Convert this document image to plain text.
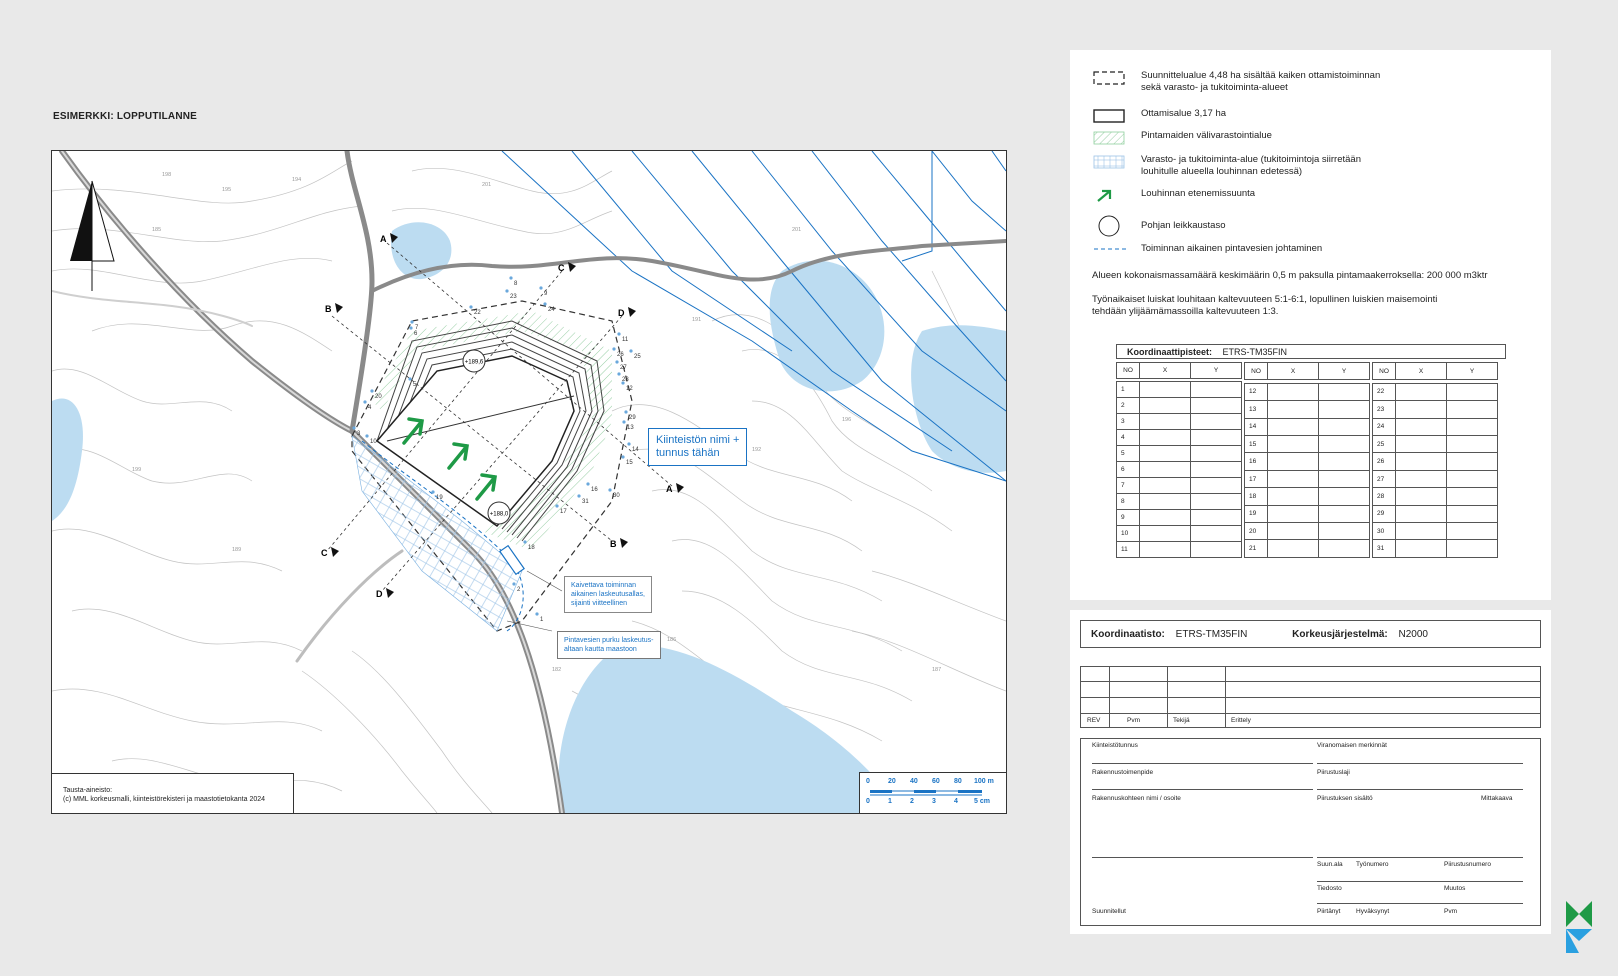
ESIMERKKI: LOPPUTILANNE
+189,6
+188,0
A
A
B
B
C
C
D
D
8
9
23
24
22
7
6
5
20
4
3
10
11
25
26
27
12
28
13
29
14
15
30
16
31
17
18
19
1
2
198
195
194
185
201
191
199
196
182
186
187
189
192
201
Kiinteistön nimi +
tunnus tähän
Kaivettava toiminnan
aikainen laskeutusallas,
sijainti viitteellinen
Pintavesien purku laskeutus-
altaan kautta maastoon
Tausta-aineisto:
(c) MML korkeusmalli, kiinteistörekisteri ja maastotietokanta 2024
0	20 40 60 80 100 m
0	1	2	3	4 5 cm
Suunnittelualue 4,48 ha sisältää kaiken ottamistoiminnan
sekä varasto- ja tukitoiminta-alueet
Ottamisalue 3,17 ha
Pintamaiden välivarastointialue
Varasto- ja tukitoiminta-alue (tukitoimintoja siirretään
louhitulle alueella louhinnan edetessä)
Louhinnan etenemissuunta
Pohjan leikkaustaso
Toiminnan aikainen pintavesien johtaminen
Alueen kokonaismassamäärä keskimäärin 0,5 m paksulla pintamaakerroksella: 200 000 m3ktr
Työnaikaiset luiskat louhitaan kaltevuuteen 5:1-6:1, lopullinen luiskien maisemointi
tehdään ylijäämämassoilla kaltevuuteen 1:3.
Koordinaattipisteet: ETRS-TM35FIN
NO	X	Y

1		
2		
3		
4		
5		
6		
7		
8		
9		
10		
11		
NO	X	Y

12		
13		
14		
15		
16		
17		
18		
19		
20		
21		
NO	X	Y

22		
23		
24		
25		
26		
27		
28		
29		
30		
31		
Koordinaatisto: ETRS-TM35FIN	Korkeusjärjestelmä: N2000
REV	Pvm	Tekijä	Erittely
Kiinteistötunnus	Viranomaisen merkinnät
Rakennustoimenpide	Piirustuslaji
Rakennuskohteen nimi / osoite	Piirustuksen sisältö	Mittakaava
Suun.ala Työnumero	Piirustusnumero
Tiedosto	Muutos
Suunnitellut	Piirtänyt Hyväksynyt	Pvm
